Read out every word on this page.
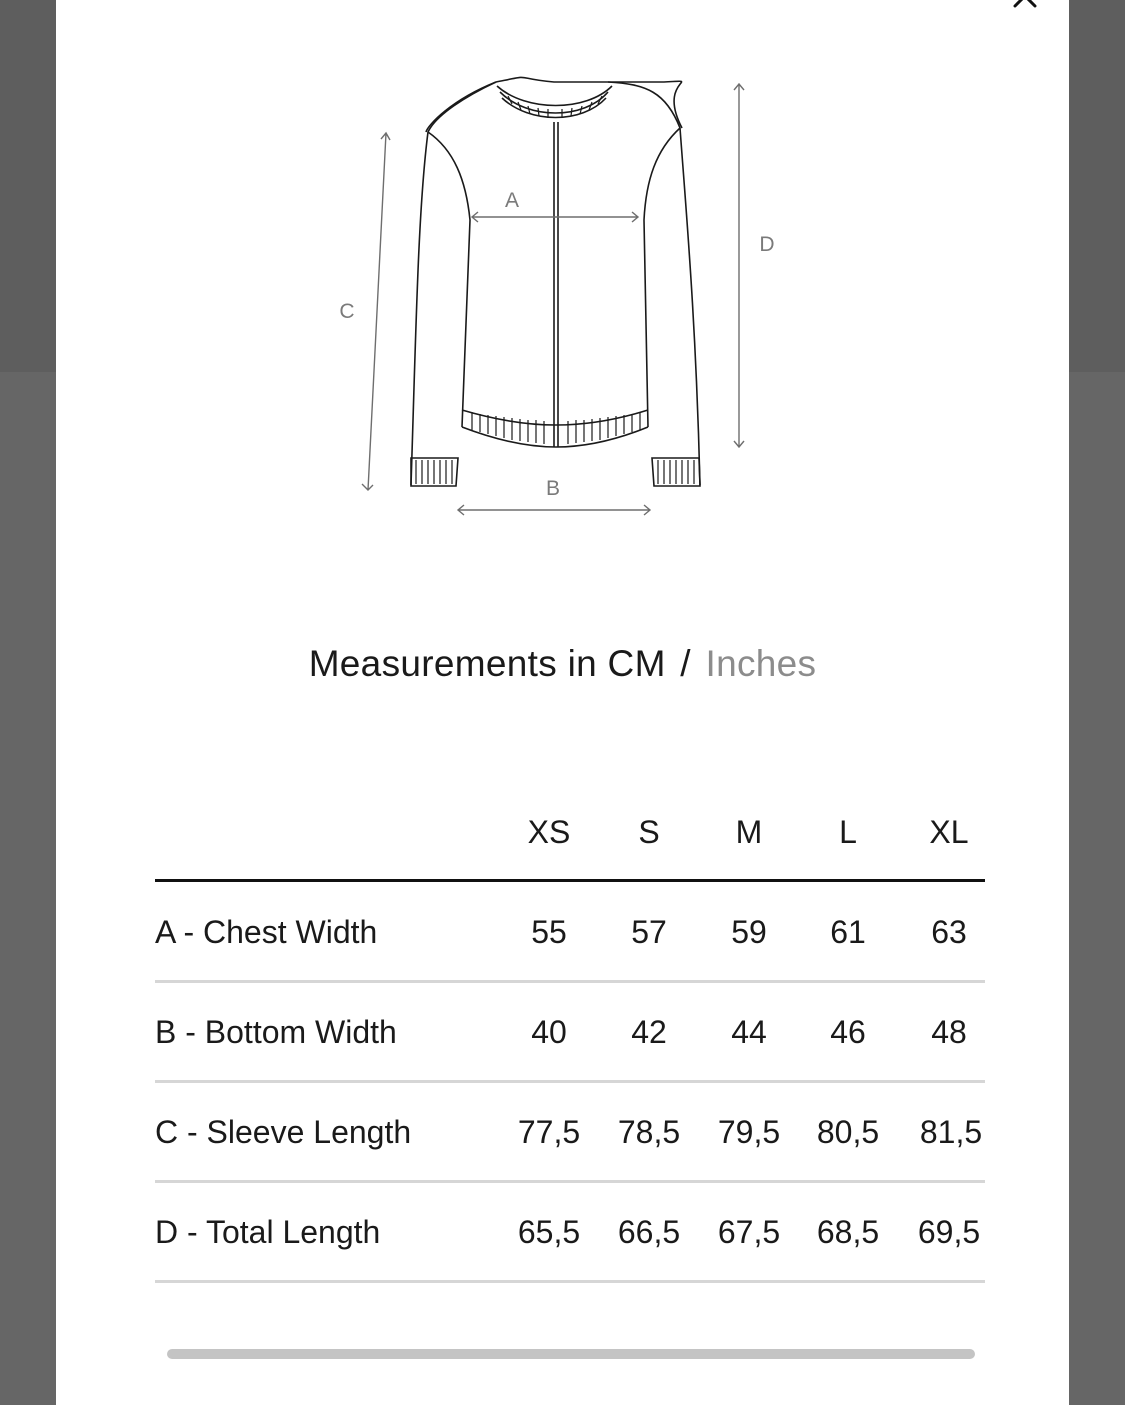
A
B
C
D
Measurements in CM / Inches
XS	S	M	L	XL
A - Chest Width	55	57	59	61	63
B - Bottom Width	40	42	44	46	48
C - Sleeve Length	77,5	78,5	79,5	80,5	81,5
D - Total Length	65,5	66,5	67,5	68,5	69,5
